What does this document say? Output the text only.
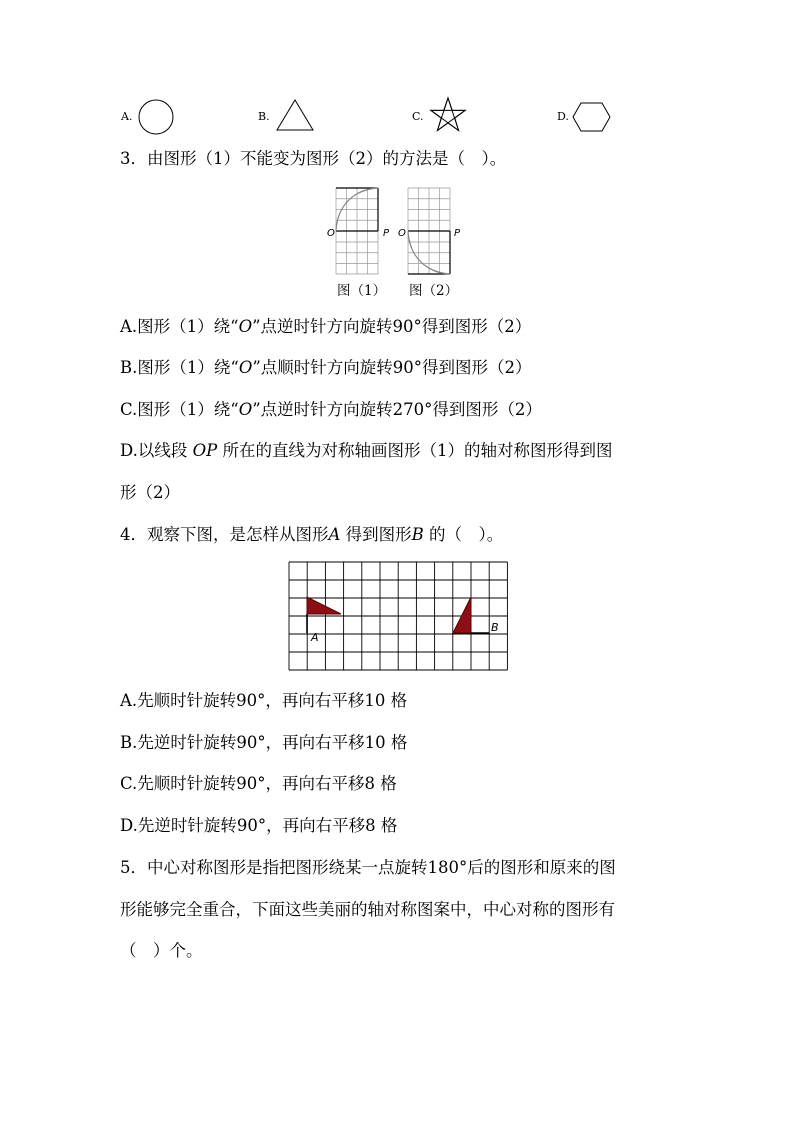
A.	B.	C.	D.
3．由图形（1）不能变为图形（2）的方法是（　）。
O	P O	P
图（1） 图（2）
A.图形（1）绕“O”点逆时针方向旋转90°得到图形（2）
B.图形（1）绕“O”点顺时针方向旋转90°得到图形（2）
C.图形（1）绕“O”点逆时针方向旋转270°得到图形（2）
D.以线段 OP 所在的直线为对称轴画图形（1）的轴对称图形得到图
形（2）
4．观察下图，是怎样从图形A 得到图形B 的（　）。
A
B
A.先顺时针旋转90°，再向右平移10 格
B.先逆时针旋转90°，再向右平移10 格
C.先顺时针旋转90°，再向右平移8 格
D.先逆时针旋转90°，再向右平移8 格
5．中心对称图形是指把图形绕某一点旋转180°后的图形和原来的图
形能够完全重合，下面这些美丽的轴对称图案中，中心对称的图形有
（　）个。
